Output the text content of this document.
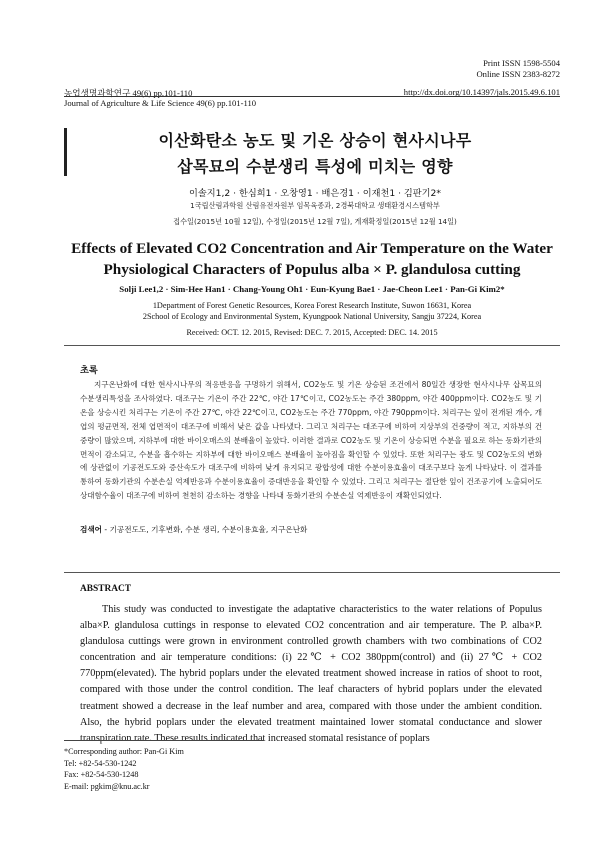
Print ISSN 1598-5504
Online ISSN 2383-8272
농업생명과학연구 49(6) pp.101-110	http://dx.doi.org/10.14397/jals.2015.49.6.101
Journal of Agriculture & Life Science 49(6) pp.101-110
이산화탄소 농도 및 기온 상승이 현사시나무
삽목묘의 수분생리 특성에 미치는 영향
이솔지1,2 · 한심희1 · 오창영1 · 배은경1 · 이재천1 · 김판기2*
1국립산림과학원 산림유전자원부 임목육종과, 2경북대학교 생태환경시스템학부
접수일(2015년 10월 12일), 수정일(2015년 12월 7일), 게재확정일(2015년 12월 14일)
Effects of Elevated CO2 Concentration and Air Temperature on the Water
Physiological Characters of Populus alba × P. glandulosa cutting
Solji Lee1,2 · Sim-Hee Han1 · Chang-Young Oh1 · Eun-Kyung Bae1 · Jae-Cheon Lee1 · Pan-Gi Kim2*
1Department of Forest Genetic Resources, Korea Forest Research Institute, Suwon 16631, Korea
2School of Ecology and Environmental System, Kyungpook National University, Sangju 37224, Korea
Received: OCT. 12. 2015, Revised: DEC. 7. 2015, Accepted: DEC. 14. 2015
초록
지구온난화에 대한 현사시나무의 적응반응을 구명하기 위해서, CO2농도 및 기온 상승된 조건에서 80일간 생장한 현사시나무 삽목묘의 수분생리특성을 조사하였다. 대조구는 기온이 주간 22℃, 야간 17℃이고, CO2농도는 주간 380ppm, 야간 400ppm이다. CO2농도 및 기온을 상승시킨 처리구는 기온이 주간 27℃, 야간 22℃이고, CO2농도는 주간 770ppm, 야간 790ppm이다. 처리구는 잎이 전개된 개수, 개엽의 평균면적, 전체 엽면적이 대조구에 비해서 낮은 값을 나타냈다. 그리고 처리구는 대조구에 비하여 지상부의 건중량이 적고, 지하부의 건중량이 많았으며, 지하부에 대한 바이오매스의 분배율이 높았다. 이러한 결과로 CO2농도 및 기온이 상승되면 수분을 필요로 하는 동화기관의 면적이 감소되고, 수분을 흡수하는 지하부에 대한 바이오매스 분배율이 높아짐을 확인할 수 있었다. 또한 처리구는 광도 및 CO2농도의 변화에 상관없이 기공전도도와 증산속도가 대조구에 비하여 낮게 유지되고 광합성에 대한 수분이용효율이 대조구보다 높게 나타났다. 이 결과를 통하여 동화기관의 수분손실 억제반응과 수분이용효율이 증대반응을 확인할 수 있었다. 그리고 처리구는 절단한 잎이 건조공기에 노출되어도 상대함수율이 대조구에 비하여 천천히 감소하는 경향을 나타내 동화기관의 수분손실 억제반응이 재확인되었다.
검색어 - 기공전도도, 기후변화, 수분 생리, 수분이용효율, 지구온난화
ABSTRACT
This study was conducted to investigate the adaptative characteristics to the water relations of Populus alba×P. glandulosa cuttings in response to elevated CO2 concentration and air temperature. The P. alba×P. glandulosa cuttings were grown in environment controlled growth chambers with two combinations of CO2 concentration and air temperature conditions: (i) 22℃ + CO2 380ppm(control) and (ii) 27℃ + CO2 770ppm(elevated). The hybrid poplars under the elevated treatment showed increase in ratios of shoot to root, compared with those under the control condition. The leaf characters of hybrid poplars under the elevated treatment showed a decrease in the leaf number and area, compared with those under the ambient condition. Also, the hybrid poplars under the elevated treatment maintained lower stomatal conductance and slower transpiration rate. These results indicated that increased stomatal resistance of poplars
*Corresponding author: Pan-Gi Kim
Tel: +82-54-530-1242
Fax: +82-54-530-1248
E-mail: pgkim@knu.ac.kr
